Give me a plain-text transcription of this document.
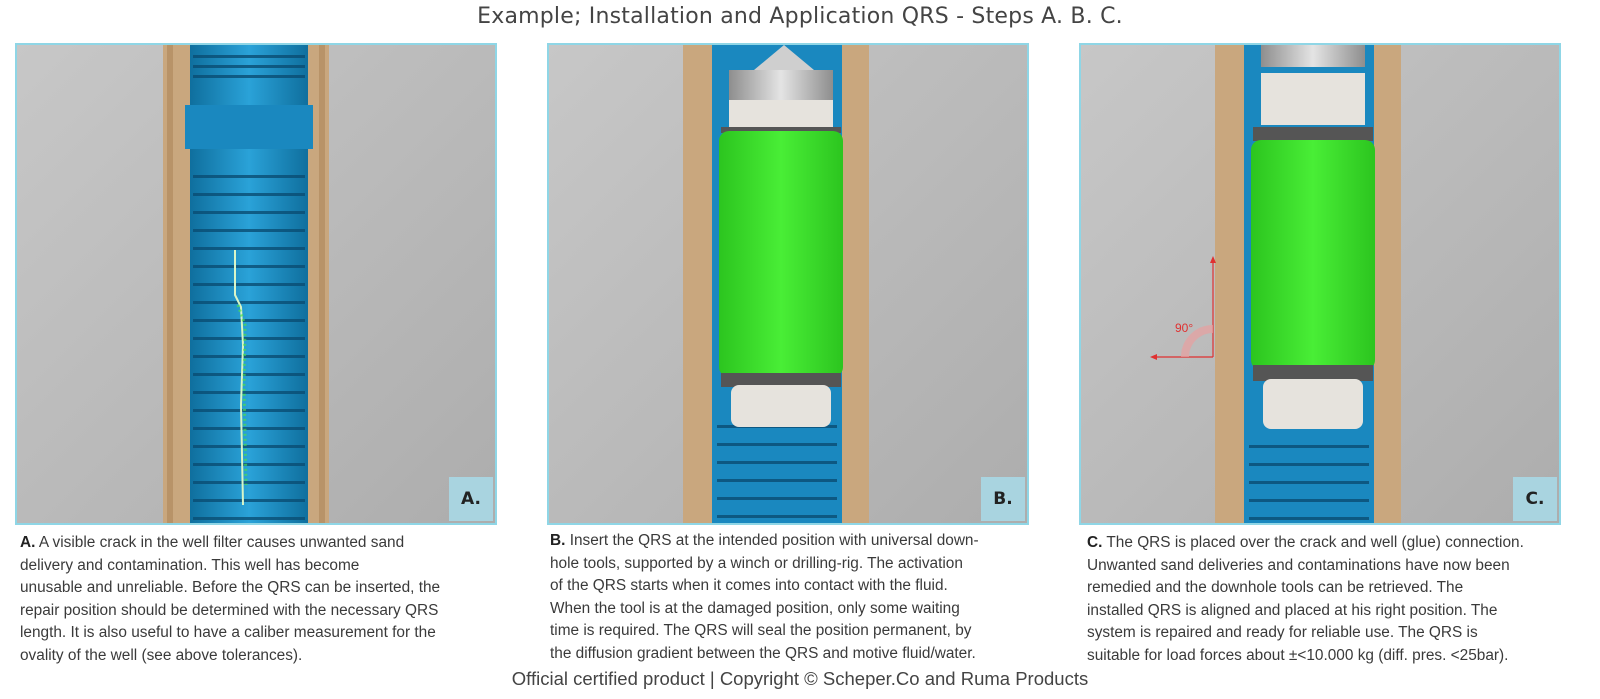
Example; Installation and Application QRS - Steps A. B. C.
A.	B.
90°
C.

A. A visible crack in the well filter causes unwanted sand

delivery and contamination. This well has become

unusable and unreliable. Before the QRS can be inserted, the

repair position should be determined with the necessary QRS

length. It is also useful to have a caliber measurement for the

ovality of the well (see above tolerances).

B. Insert the QRS at the intended position with universal down-

hole tools, supported by a winch or drilling-rig. The activation

of the QRS starts when it comes into contact with the fluid.

When the tool is at the damaged position, only some waiting

time is required. The QRS will seal the position permanent, by

the diffusion gradient between the QRS and motive fluid/water.

C. The QRS is placed over the crack and well (glue) connection.

Unwanted sand deliveries and contaminations have now been

remedied and the downhole tools can be retrieved. The

installed QRS is aligned and placed at his right position. The

system is repaired and ready for reliable use. The QRS is

suitable for load forces about ±<10.000 kg (diff. pres. <25bar).

Official certified product | Copyright © Scheper.Co and Ruma Products
